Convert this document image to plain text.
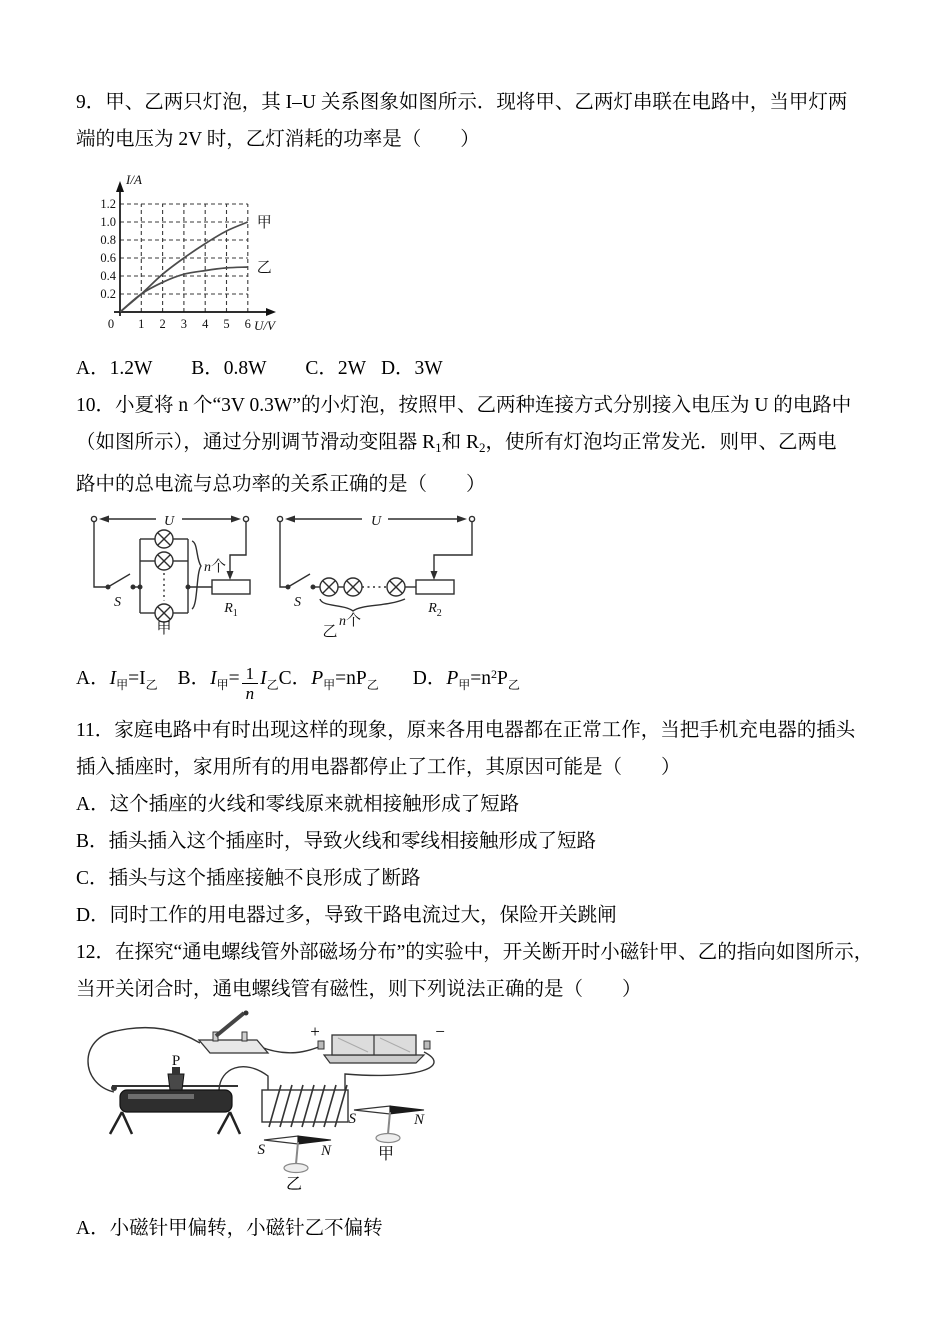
9．甲、乙两只灯泡，其 I–U 关系图象如图所示．现将甲、乙两灯串联在电路中，当甲灯两
端的电压为 2V 时，乙灯消耗的功率是（　　）
0.2
0.4
0.6
0.8
1.0
1.2
0 1 2 3 4 5 6
I/A
U/V
甲
乙
A．1.2W B．0.8W C．2W D．3W
10．小夏将 n 个“3V 0.3W”的小灯泡，按照甲、乙两种连接方式分别接入电压为 U 的电路中
（如图所示），通过分别调节滑动变阻器 $R_1$和 $R_2$，使所有灯泡均正常发光．则甲、乙两电
路中的总电流与总功率的关系正确的是（　　）
U	U
S	S
n个
$R_1$
甲	n个
$R_2$
乙
A．$I_甲=I_乙$ B．$I_甲= \frac{1}{n} I_乙C$．$P_甲=nP_乙$ D．$P_甲=n^2P_乙$
11．家庭电路中有时出现这样的现象，原来各用电器都在正常工作，当把手机充电器的插头
插入插座时，家用所有的用电器都停止了工作，其原因可能是（　　）
A．这个插座的火线和零线原来就相接触形成了短路
B．插头插入这个插座时，导致火线和零线相接触形成了短路
C．插头与这个插座接触不良形成了断路
D．同时工作的用电器过多，导致干路电流过大，保险开关跳闸
12．在探究“通电螺线管外部磁场分布”的实验中，开关断开时小磁针甲、乙的指向如图所示，
当开关闭合时，通电螺线管有磁性，则下列说法正确的是（　　）
P
+	−
S	N
甲
S	N
乙
A．小磁针甲偏转，小磁针乙不偏转
